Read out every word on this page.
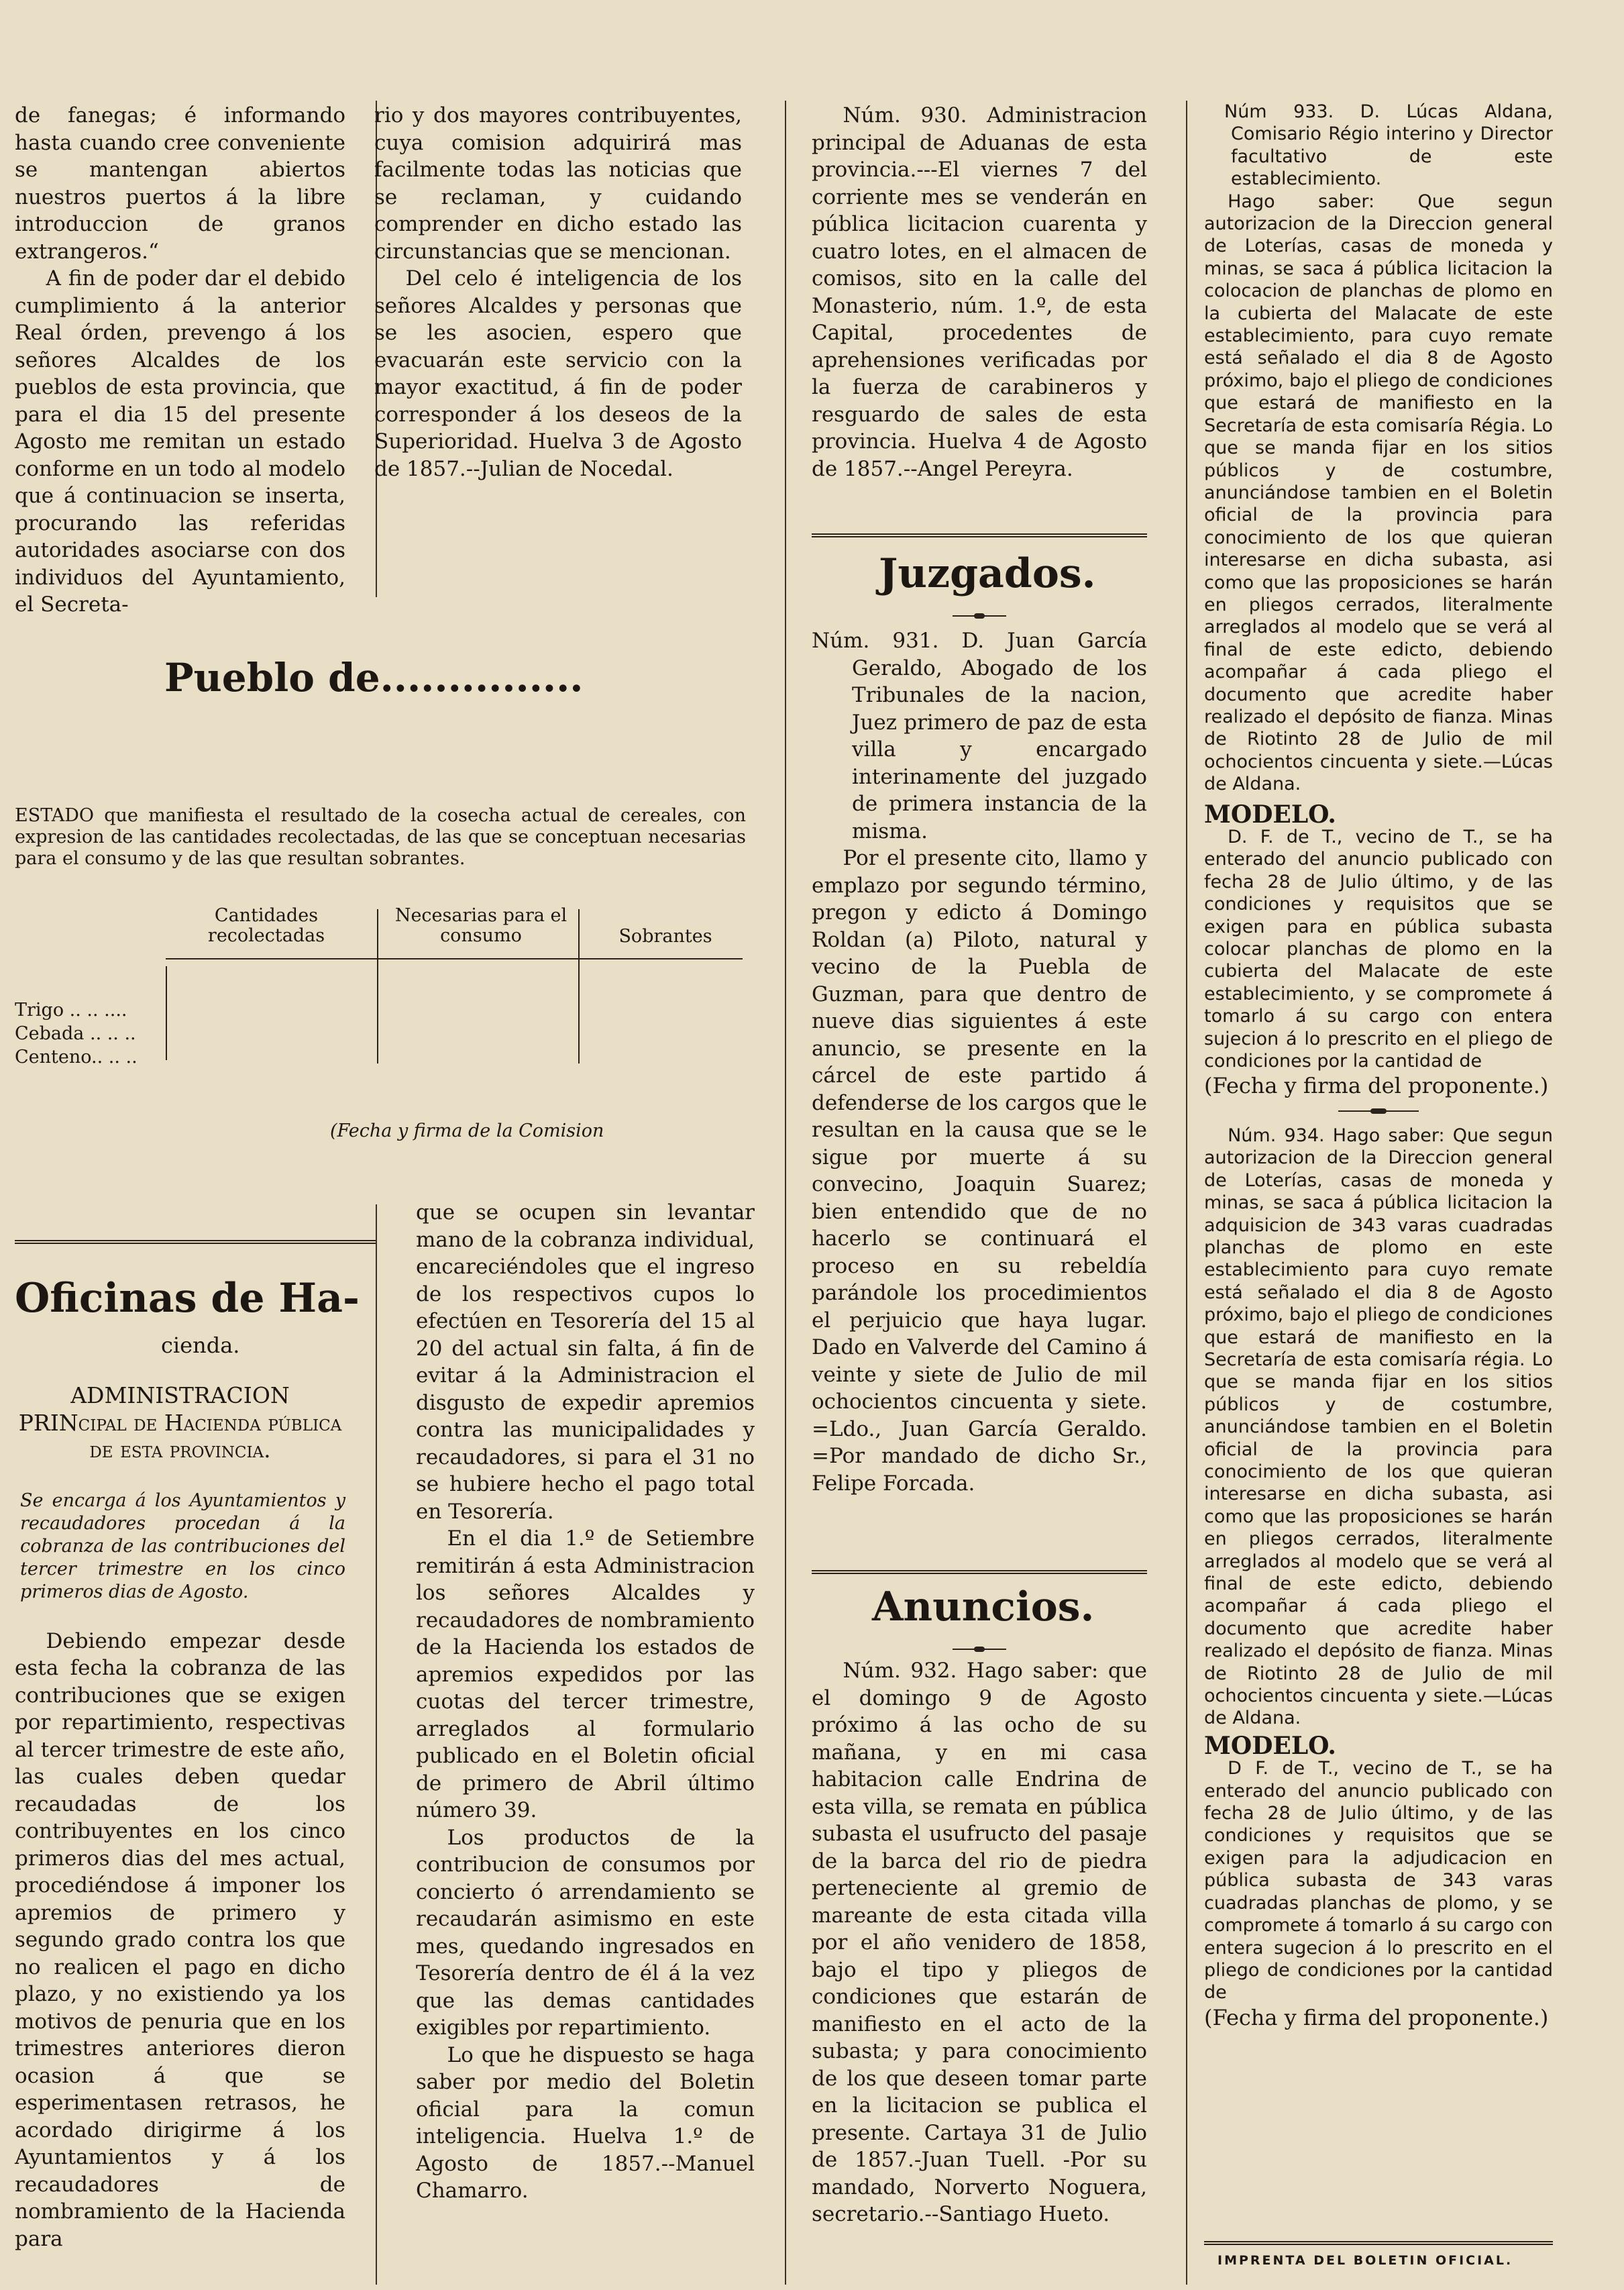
de fanegas; é informando hasta cuando cree conveniente se mantengan abiertos nuestros puertos á la libre introduccion de granos extrangeros.“

A fin de poder dar el debido cumplimiento á la anterior Real órden, prevengo á los señores Alcaldes de los pueblos de esta provincia, que para el dia 15 del presente Agosto me remitan un estado conforme en un todo al modelo que á continuacion se inserta, procurando las referidas autoridades asociarse con dos individuos del Ayuntamiento, el Secreta-

rio y dos mayores contribuyentes, cuya comision adquirirá mas facilmente todas las noticias que se reclaman, y cuidando comprender en dicho estado las circunstancias que se mencionan.

Del celo é inteligencia de los señores Alcaldes y personas que se les asocien, espero que evacuarán este servicio con la mayor exactitud, á fin de poder corresponder á los deseos de la Superioridad. Huelva 3 de Agosto de 1857.--Julian de Nocedal.

Pueblo de...............

ESTADO que manifiesta el resultado de la cosecha actual de cereales, con expresion de las cantidades recolectadas, de las que se conceptuan necesarias para el consumo y de las que resultan sobrantes.

Cantidades recolectadas
Necesarias para el consumo	Sobrantes
Trigo .. .. ....
Cebada .. .. ..
Centeno.. .. ..
(Fecha y firma de la Comision
Oficinas de Ha-
cienda.

ADMINISTRACION PRINcipal de Hacienda pública de esta provincia.

Se encarga á los Ayuntamientos y recaudadores procedan á la cobranza de las contribuciones del tercer trimestre en los cinco primeros dias de Agosto.

Debiendo empezar desde esta fecha la cobranza de las contribuciones que se exigen por repartimiento, respectivas al tercer trimestre de este año, las cuales deben quedar recaudadas de los contribuyentes en los cinco primeros dias del mes actual, procediéndose á imponer los apremios de primero y segundo grado contra los que no realicen el pago en dicho plazo, y no existiendo ya los motivos de penuria que en los trimestres anteriores dieron ocasion á que se esperimentasen retrasos, he acordado dirigirme á los Ayuntamientos y á los recaudadores de nombramiento de la Hacienda para

que se ocupen sin levantar mano de la cobranza individual, encareciéndoles que el ingreso de los respectivos cupos lo efectúen en Tesorería del 15 al 20 del actual sin falta, á fin de evitar á la Administracion el disgusto de expedir apremios contra las municipalidades y recaudadores, si para el 31 no se hubiere hecho el pago total en Tesorería.

En el dia 1.º de Setiembre remitirán á esta Administracion los señores Alcaldes y recaudadores de nombramiento de la Hacienda los estados de apremios expedidos por las cuotas del tercer trimestre, arreglados al formulario publicado en el Boletin oficial de primero de Abril último número 39.

Los productos de la contribucion de consumos por concierto ó arrendamiento se recaudarán asimismo en este mes, quedando ingresados en Tesorería dentro de él á la vez que las demas cantidades exigibles por repartimiento.

Lo que he dispuesto se haga saber por medio del Boletin oficial para la comun inteligencia. Huelva 1.º de Agosto de 1857.--Manuel Chamarro.

Núm. 930. Administracion principal de Aduanas de esta provincia.---El viernes 7 del corriente mes se venderán en pública licitacion cuarenta y cuatro lotes, en el almacen de comisos, sito en la calle del Monasterio, núm. 1.º, de esta Capital, procedentes de aprehensiones verificadas por la fuerza de carabineros y resguardo de sales de esta provincia. Huelva 4 de Agosto de 1857.--Angel Pereyra.

Juzgados.

Núm. 931. D. Juan García Geraldo, Abogado de los Tribunales de la nacion, Juez primero de paz de esta villa y encargado interinamente del juzgado de primera instancia de la misma.

Por el presente cito, llamo y emplazo por segundo término, pregon y edicto á Domingo Roldan (a) Piloto, natural y vecino de la Puebla de Guzman, para que dentro de nueve dias siguientes á este anuncio, se presente en la cárcel de este partido á defenderse de los cargos que le resultan en la causa que se le sigue por muerte á su convecino, Joaquin Suarez; bien entendido que de no hacerlo se continuará el proceso en su rebeldía parándole los procedimientos el perjuicio que haya lugar. Dado en Valverde del Camino á veinte y siete de Julio de mil ochocientos cincuenta y siete. =Ldo., Juan García Geraldo. =Por mandado de dicho Sr., Felipe Forcada.

Anuncios.

Núm. 932. Hago saber: que el domingo 9 de Agosto próximo á las ocho de su mañana, y en mi casa habitacion calle Endrina de esta villa, se remata en pública subasta el usufructo del pasaje de la barca del rio de piedra perteneciente al gremio de mareante de esta citada villa por el año venidero de 1858, bajo el tipo y pliegos de condiciones que estarán de manifiesto en el acto de la subasta; y para conocimiento de los que deseen tomar parte en la licitacion se publica el presente. Cartaya 31 de Julio de 1857.-Juan Tuell. -Por su mandado, Norverto Noguera, secretario.--Santiago Hueto.

Núm 933. D. Lúcas Aldana, Comisario Régio interino y Director facultativo de este establecimiento.

Hago saber: Que segun autorizacion de la Direccion general de Loterías, casas de moneda y minas, se saca á pública licitacion la colocacion de planchas de plomo en la cubierta del Malacate de este establecimiento, para cuyo remate está señalado el dia 8 de Agosto próximo, bajo el pliego de condiciones que estará de manifiesto en la Secretaría de esta comisaría Régia. Lo que se manda fijar en los sitios públicos y de costumbre, anunciándose tambien en el Boletin oficial de la provincia para conocimiento de los que quieran interesarse en dicha subasta, asi como que las proposiciones se harán en pliegos cerrados, literalmente arreglados al modelo que se verá al final de este edicto, debiendo acompañar á cada pliego el documento que acredite haber realizado el depósito de fianza. Minas de Riotinto 28 de Julio de mil ochocientos cincuenta y siete.—Lúcas de Aldana.

MODELO.

D. F. de T., vecino de T., se ha enterado del anuncio publicado con fecha 28 de Julio último, y de las condiciones y requisitos que se exigen para en pública subasta colocar planchas de plomo en la cubierta del Malacate de este establecimiento, y se compromete á tomarlo á su cargo con entera sujecion á lo prescrito en el pliego de condiciones por la cantidad de

(Fecha y firma del proponente.)

Núm. 934. Hago saber: Que segun autorizacion de la Direccion general de Loterías, casas de moneda y minas, se saca á pública licitacion la adquisicion de 343 varas cuadradas planchas de plomo en este establecimiento para cuyo remate está señalado el dia 8 de Agosto próximo, bajo el pliego de condiciones que estará de manifiesto en la Secretaría de esta comisaría régia. Lo que se manda fijar en los sitios públicos y de costumbre, anunciándose tambien en el Boletin oficial de la provincia para conocimiento de los que quieran interesarse en dicha subasta, asi como que las proposiciones se harán en pliegos cerrados, literalmente arreglados al modelo que se verá al final de este edicto, debiendo acompañar á cada pliego el documento que acredite haber realizado el depósito de fianza. Minas de Riotinto 28 de Julio de mil ochocientos cincuenta y siete.—Lúcas de Aldana.

MODELO.

D F. de T., vecino de T., se ha enterado del anuncio publicado con fecha 28 de Julio último, y de las condiciones y requisitos que se exigen para la adjudicacion en pública subasta de 343 varas cuadradas planchas de plomo, y se compromete á tomarlo á su cargo con entera sugecion á lo prescrito en el pliego de condiciones por la cantidad de

(Fecha y firma del proponente.)

IMPRENTA DEL BOLETIN OFICIAL.
